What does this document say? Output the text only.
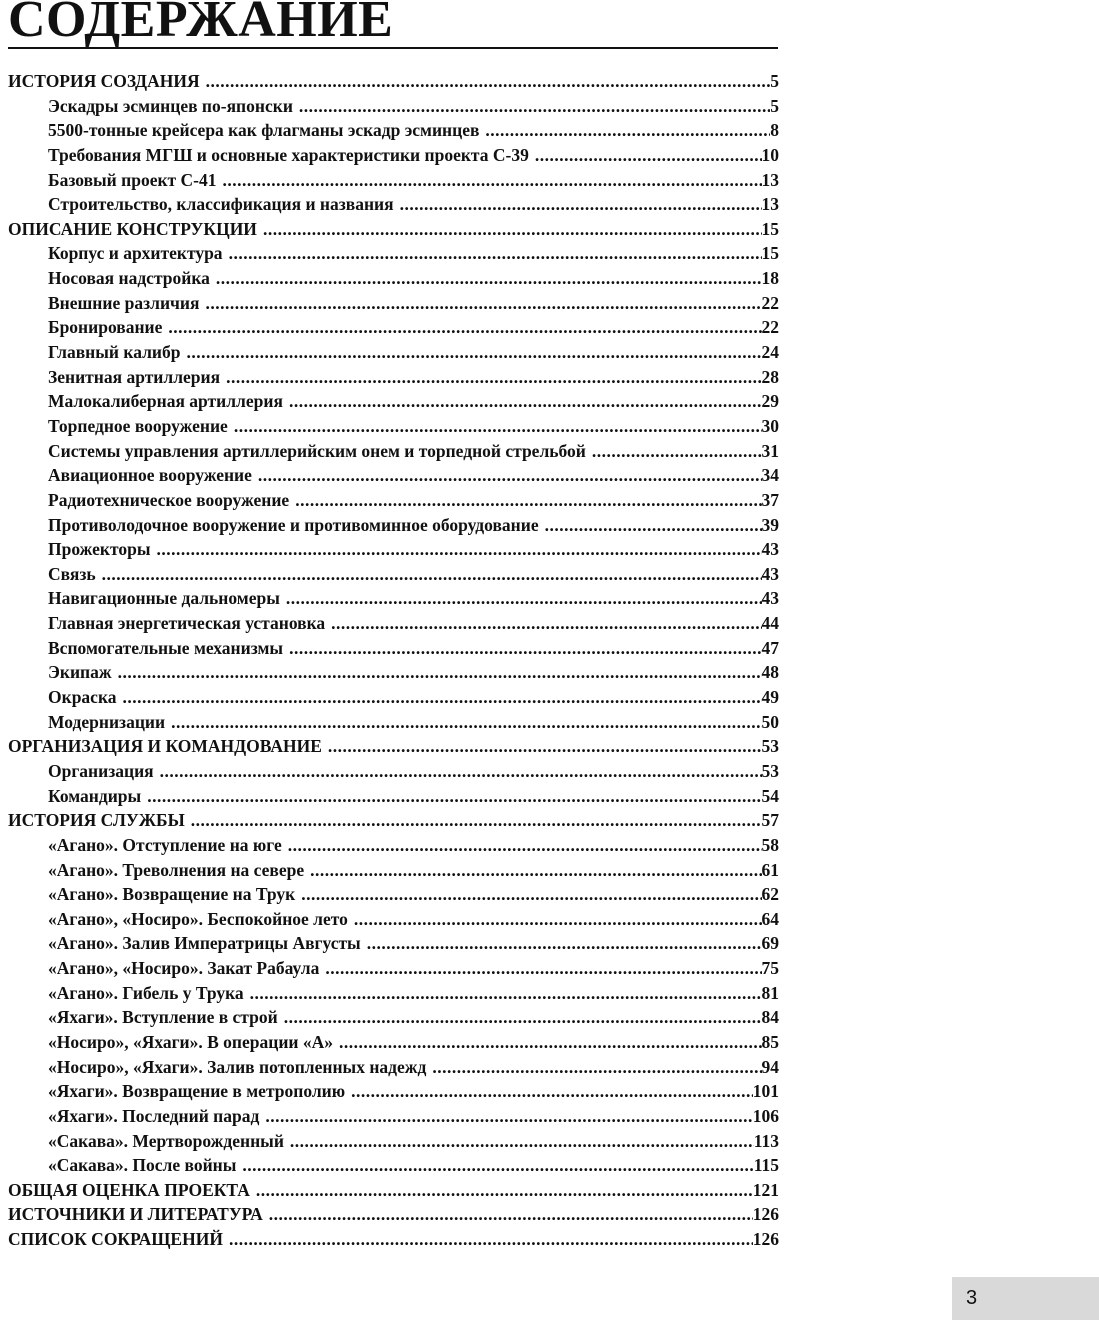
СОДЕРЖАНИЕ
ИСТОРИЯ СОЗДАНИЯ .....	5
Эскадры эсминцев по-японски .....	5
5500-тонные крейсера как флагманы эскадр эсминцев .....	8
Требования МГШ и основные характеристики проекта С-39 .....	10
Базовый проект С-41 .....	13
Строительство, классификация и названия .....	13
ОПИСАНИЕ КОНСТРУКЦИИ .....	15
Корпус и архитектура .....	15
Носовая надстройка .....	18
Внешние различия .....	22
Бронирование .....	22
Главный калибр .....	24
Зенитная артиллерия .....	28
Малокалиберная артиллерия .....	29
Торпедное вооружение .....	30
Системы управления артиллерийским онем и торпедной стрельбой .....	31
Авиационное вооружение .....	34
Радиотехническое вооружение .....	37
Противолодочное вооружение и противоминное оборудование .....	39
Прожекторы .....	43
Связь .....	43
Навигационные дальномеры .....	43
Главная энергетическая установка .....	44
Вспомогательные механизмы .....	47
Экипаж .....	48
Окраска .....	49
Модернизации .....	50
ОРГАНИЗАЦИЯ И КОМАНДОВАНИЕ .....	53
Организация .....	53
Командиры .....	54
ИСТОРИЯ СЛУЖБЫ .....	57
«Агано». Отступление на юге .....	58
«Агано». Треволнения на севере .....	61
«Агано». Возвращение на Трук .....	62
«Агано», «Носиро». Беспокойное лето .....	64
«Агано». Залив Императрицы Августы .....	69
«Агано», «Носиро». Закат Рабаула .....	75
«Агано». Гибель у Трука .....	81
«Яхаги». Вступление в строй .....	84
«Носиро», «Яхаги». В операции «А» .....	85
«Носиро», «Яхаги». Залив потопленных надежд .....	94
«Яхаги». Возвращение в метрополию .....	101
«Яхаги». Последний парад .....	106
«Сакава». Мертворожденный .....	113
«Сакава». После войны .....	115
ОБЩАЯ ОЦЕНКА ПРОЕКТА .....	121
ИСТОЧНИКИ И ЛИТЕРАТУРА .....	126
СПИСОК СОКРАЩЕНИЙ .....	126
3
